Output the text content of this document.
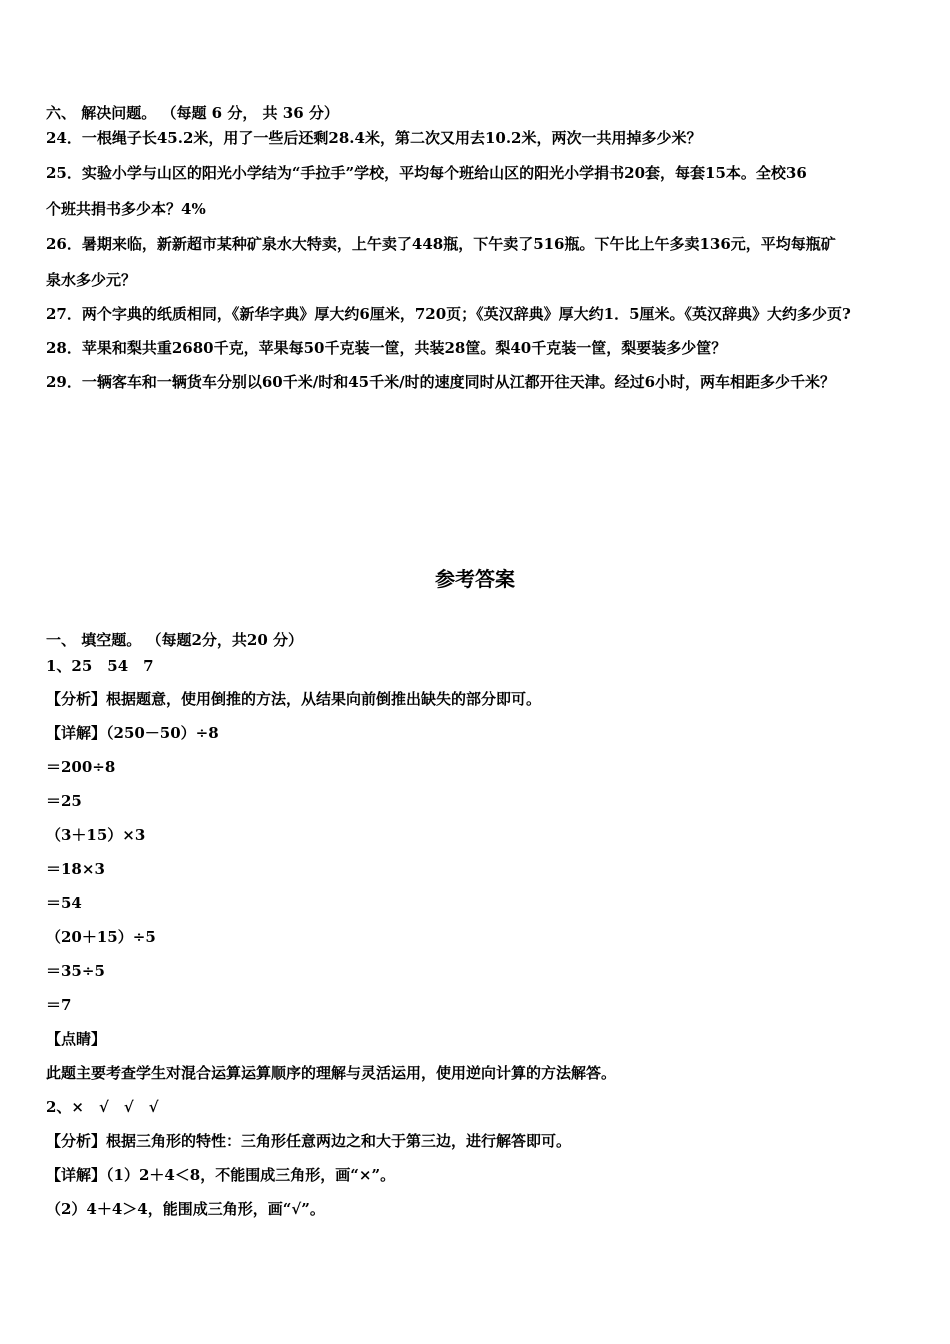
六、 解决问题。 （每题 6 分， 共 36 分）
24．一根绳子长45.2米，用了一些后还剩28.4米，第二次又用去10.2米，两次一共用掉多少米？
25．实验小学与山区的阳光小学结为“手拉手”学校，平均每个班给山区的阳光小学捐书20套，每套15本。全校36
个班共捐书多少本？4%
26．暑期来临，新新超市某种矿泉水大特卖，上午卖了448瓶，下午卖了516瓶。下午比上午多卖136元，平均每瓶矿
泉水多少元？
27．两个字典的纸质相同，《新华字典》厚大约6厘米，720页；《英汉辞典》厚大约1．5厘米。《英汉辞典》大约多少页?
28．苹果和梨共重2680千克，苹果每50千克装一筐，共装28筐。梨40千克装一筐，梨要装多少筐？
29．一辆客车和一辆货车分别以60千米/时和45千米/时的速度同时从江都开往天津。经过6小时，两车相距多少千米？
参考答案
一、 填空题。 （每题2分，共20 分）
1、25　54　7
【分析】根据题意，使用倒推的方法，从结果向前倒推出缺失的部分即可。
【详解】（250－50）÷8
＝200÷8
＝25
（3＋15）×3
＝18×3
＝54
（20＋15）÷5
＝35÷5
＝7
【点睛】
此题主要考查学生对混合运算运算顺序的理解与灵活运用，使用逆向计算的方法解答。
2、×　√　√　√
【分析】根据三角形的特性：三角形任意两边之和大于第三边，进行解答即可。
【详解】（1）2＋4＜8，不能围成三角形，画“×”。
（2）4＋4＞4，能围成三角形，画“√”。
